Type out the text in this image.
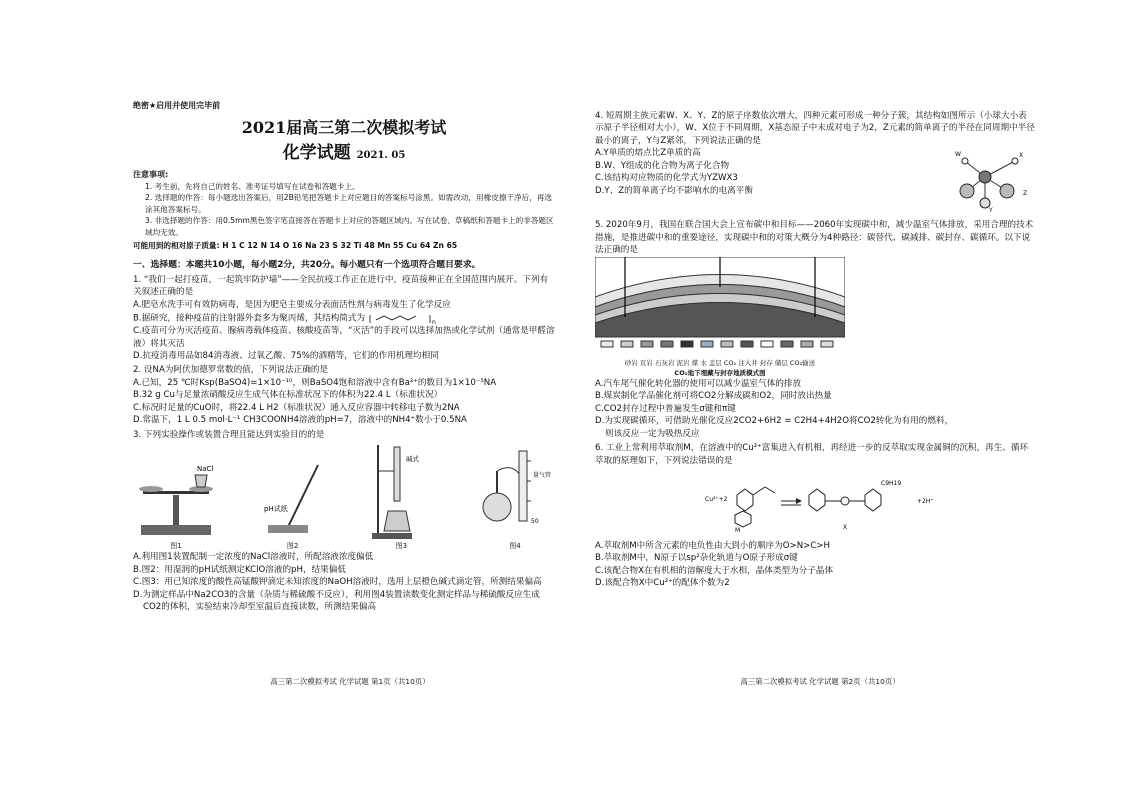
绝密★启用并使用完毕前
2021届高三第二次模拟考试
化学试题 2021. 05
注意事项:
1. 考生前，先将自己的姓名、准考证号填写在试卷和答题卡上。
2. 选择题的作答：每小题选出答案后，用2B铅笔把答题卡上对应题目的答案标号涂黑。如需改动，用橡皮擦干净后，再选涂其他答案标号。
3. 非选择题的作答：用0.5mm黑色签字笔直接答在答题卡上对应的答题区域内。写在试卷、草稿纸和答题卡上的非答题区域均无效。
可能用到的相对原子质量: H 1 C 12 N 14 O 16 Na 23 S 32 Ti 48 Mn 55 Cu 64 Zn 65
一、选择题：本题共10小题，每小题2分，共20分。每小题只有一个选项符合题目要求。
1. “我们一起打疫苗，一起筑牢防护墙”——全民抗疫工作正在进行中，疫苗接种正在全国范围内展开。下列有关叙述正确的是
A.肥皂水洗手可有效防病毒，是因为肥皂主要成分表面活性剂与病毒发生了化学反应
B.据研究，接种疫苗的注射器外套多为聚丙烯，其结构简式为	n
C.疫苗可分为灭活疫苗、腺病毒载体疫苗、核酸疫苗等，“灭活”的手段可以选择加热或化学试剂（通常是甲醛溶液）将其灭活
D.抗疫消毒用品如84消毒液、过氧乙酸、75%的酒精等，它们的作用机理均相同
2. 设NA为阿伏加德罗常数的值，下列说法正确的是
A.已知，25 ℃时Ksp(BaSO4)=1×10⁻¹⁰，则BaSO4饱和溶液中含有Ba²⁺的数目为1×10⁻⁵NA
B.32 g Cu与足量浓硝酸反应生成气体在标准状况下的体积为22.4 L（标准状况）
C.标况时足量的CuO时，将22.4 L H2（标准状况）通入反应容器中转移电子数为2NA
D.常温下，1 L 0.5 mol·L⁻¹ CH3COONH4溶液的pH=7，溶液中的NH4⁺数小于0.5NA
3. 下列实验操作或装置合理且能达到实验目的的是
NaCl
图1
pH试纸
图2
碱式
图3
量气管
50
图4
A.利用图1装置配制一定浓度的NaCl溶液时，所配溶液浓度偏低
B.图2：用湿润的pH试纸测定KClO溶液的pH，结果偏低
C.图3：用已知浓度的酸性高锰酸钾滴定未知浓度的NaOH溶液时，选用上层橙色碱式滴定管，所测结果偏高
D.为测定样品中Na2CO3的含量（杂质与稀硫酸不反应），利用图4装置读数变化测定样品与稀硫酸反应生成
CO2的体积，实验结束冷却至室温后直接读数，所测结果偏高
高三第二次模拟考试 化学试题 第1页（共10页）
4. 短周期主族元素W、X、Y、Z的原子序数依次增大，四种元素可形成一种分子簇，其结构如图所示（小球大小表示原子半径相对大小），W、X位于不同周期，X基态原子中未成对电子为2，Z元素的简单离子的半径在同周期中半径最小的离子，Y与Z紧邻，下列说法正确的是
A.Y单质的熔点比Z单质的高
B.W、Y组成的化合物为离子化合物
C.该结构对应物质的化学式为YZWX3
D.Y、Z的简单离子均不影响水的电离平衡
W	X
Y
Z
5. 2020年9月，我国在联合国大会上宣布碳中和目标——2060年实现碳中和，减少温室气体排放，采用合理的技术措施，是推进碳中和的重要途径，实现碳中和的对策大概分为4种路径：碳替代、碳减排、碳封存、碳循环。以下说法正确的是
砂岩 页岩 石灰岩 泥岩 煤 水 盖层 CO₂ 注入井 封存 储层 CO₂输送
CO₂地下埋藏与封存地质模式图
A.汽车尾气催化转化器的使用可以减少温室气体的排放
B.煤炭制化学品催化剂可将CO2分解成碳和O2，同时放出热量
C.CO2封存过程中普遍发生σ键和π键
D.为实现碳循环，可借助光催化反应2CO2+6H2 = C2H4+4H2O将CO2转化为有用的燃料，
则该反应一定为吸热反应
6. 工业上常利用萃取剂M，在溶液中的Cu²⁺富集进入有机相，再经进一步的反萃取实现金属铜的沉积，再生、循环萃取的原理如下，下列说法错误的是
Cu²⁺+2
M
C9H19
+2H⁺
X
A.萃取剂M中所含元素的电负性由大到小的顺序为O>N>C>H
B.萃取剂M中，N原子以sp²杂化轨道与O原子形成σ键
C.该配合物X在有机相的溶解度大于水相，晶体类型为分子晶体
D.该配合物X中Cu²⁺的配体个数为2
高三第二次模拟考试 化学试题 第2页（共10页）
